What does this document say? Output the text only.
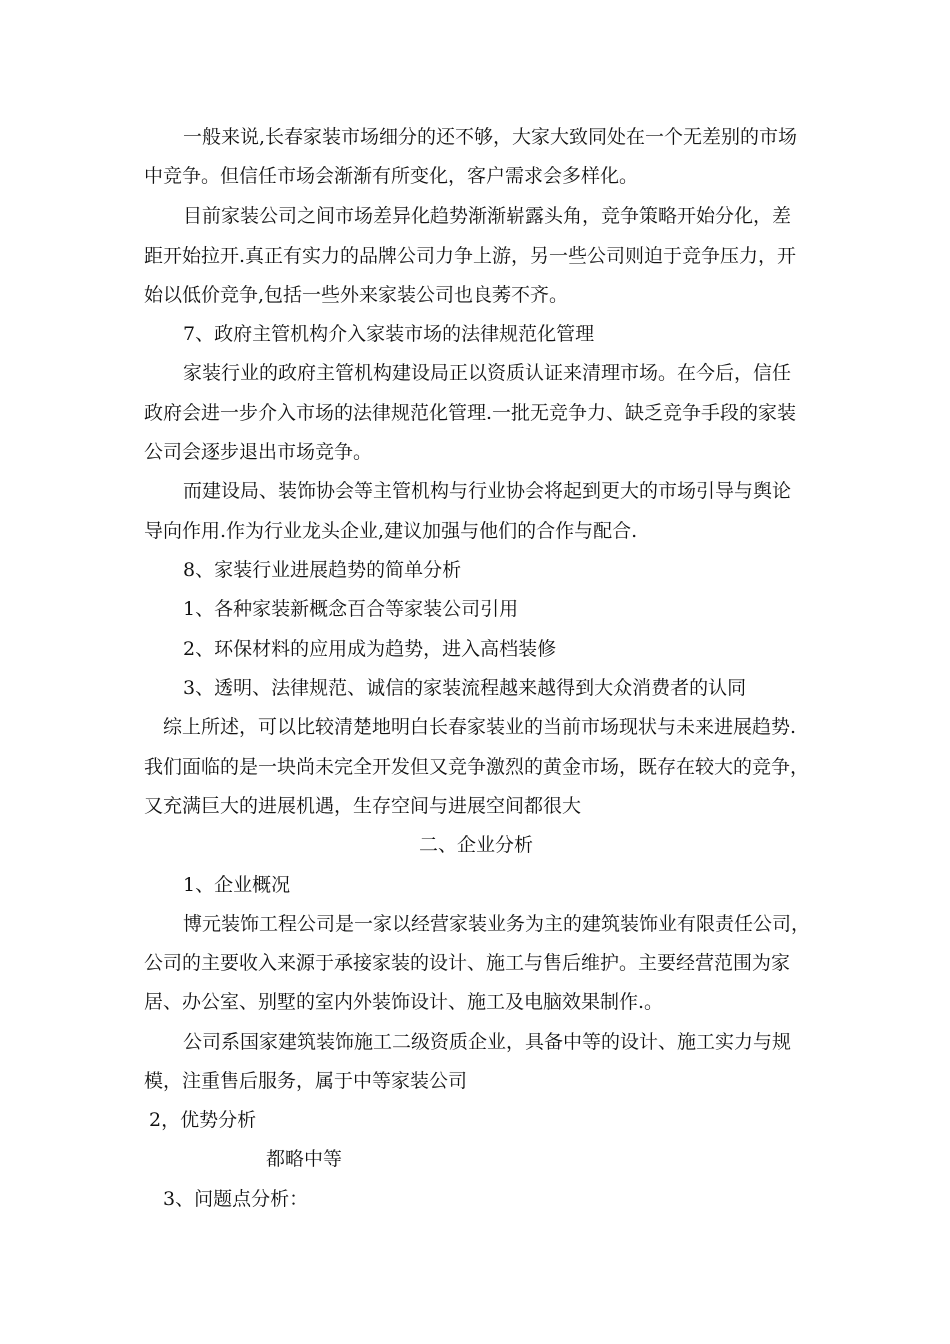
一般来说,长春家装市场细分的还不够，大家大致同处在一个无差别的市场
中竞争。但信任市场会渐渐有所变化，客户需求会多样化。
目前家装公司之间市场差异化趋势渐渐崭露头角，竞争策略开始分化，差
距开始拉开.真正有实力的品牌公司力争上游，另一些公司则迫于竞争压力，开
始以低价竞争,包括一些外来家装公司也良莠不齐。
7、政府主管机构介入家装市场的法律规范化管理
家装行业的政府主管机构建设局正以资质认证来清理市场。在今后，信任
政府会进一步介入市场的法律规范化管理.一批无竞争力、缺乏竞争手段的家装
公司会逐步退出市场竞争。
而建设局、装饰协会等主管机构与行业协会将起到更大的市场引导与舆论
导向作用.作为行业龙头企业,建议加强与他们的合作与配合.
8、家装行业进展趋势的简单分析
1、各种家装新概念百合等家装公司引用
2、环保材料的应用成为趋势，进入高档装修
3、透明、法律规范、诚信的家装流程越来越得到大众消费者的认同
综上所述，可以比较清楚地明白长春家装业的当前市场现状与未来进展趋势.
我们面临的是一块尚未完全开发但又竞争激烈的黄金市场，既存在较大的竞争，
又充满巨大的进展机遇，生存空间与进展空间都很大
二、企业分析
1、企业概况
博元装饰工程公司是一家以经营家装业务为主的建筑装饰业有限责任公司，
公司的主要收入来源于承接家装的设计、施工与售后维护。主要经营范围为家
居、办公室、别墅的室内外装饰设计、施工及电脑效果制作.。
公司系国家建筑装饰施工二级资质企业，具备中等的设计、施工实力与规
模，注重售后服务，属于中等家装公司
2，优势分析
都略中等
3、问题点分析：
